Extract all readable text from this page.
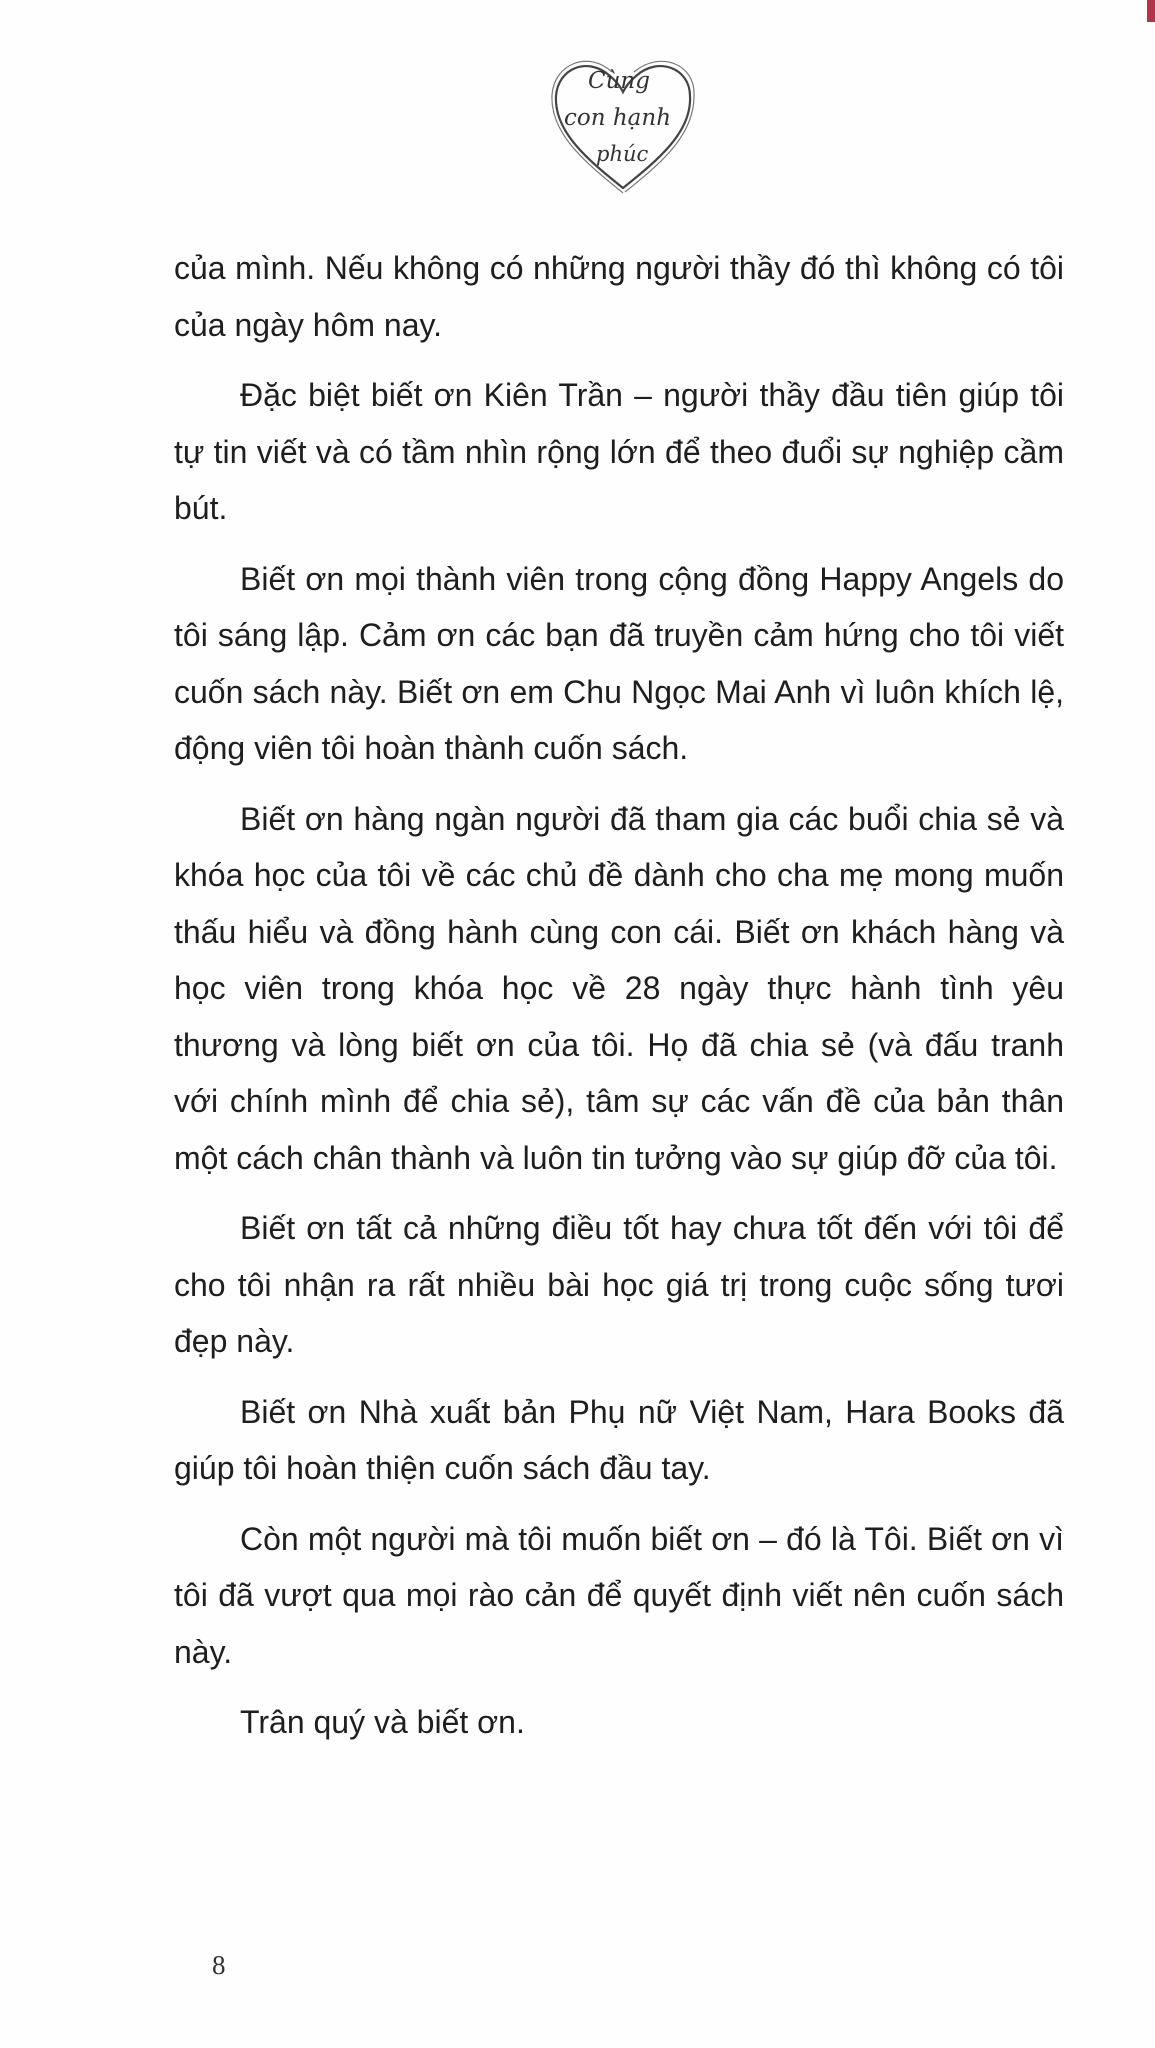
Cùng
con hạnh
phúc

của mình. Nếu không có những người thầy đó thì không có tôi của ngày hôm nay.

Đặc biệt biết ơn Kiên Trần – người thầy đầu tiên giúp tôi tự tin viết và có tầm nhìn rộng lớn để theo đuổi sự nghiệp cầm bút.

Biết ơn mọi thành viên trong cộng đồng Happy Angels do tôi sáng lập. Cảm ơn các bạn đã truyền cảm hứng cho tôi viết cuốn sách này. Biết ơn em Chu Ngọc Mai Anh vì luôn khích lệ, động viên tôi hoàn thành cuốn sách.

Biết ơn hàng ngàn người đã tham gia các buổi chia sẻ và khóa học của tôi về các chủ đề dành cho cha mẹ mong muốn thấu hiểu và đồng hành cùng con cái. Biết ơn khách hàng và học viên trong khóa học về 28 ngày thực hành tình yêu thương và lòng biết ơn của tôi. Họ đã chia sẻ (và đấu tranh với chính mình để chia sẻ), tâm sự các vấn đề của bản thân một cách chân thành và luôn tin tưởng vào sự giúp đỡ của tôi.

Biết ơn tất cả những điều tốt hay chưa tốt đến với tôi để cho tôi nhận ra rất nhiều bài học giá trị trong cuộc sống tươi đẹp này.

Biết ơn Nhà xuất bản Phụ nữ Việt Nam, Hara Books đã giúp tôi hoàn thiện cuốn sách đầu tay.

Còn một người mà tôi muốn biết ơn – đó là Tôi. Biết ơn vì tôi đã vượt qua mọi rào cản để quyết định viết nên cuốn sách này.

Trân quý và biết ơn.

8
